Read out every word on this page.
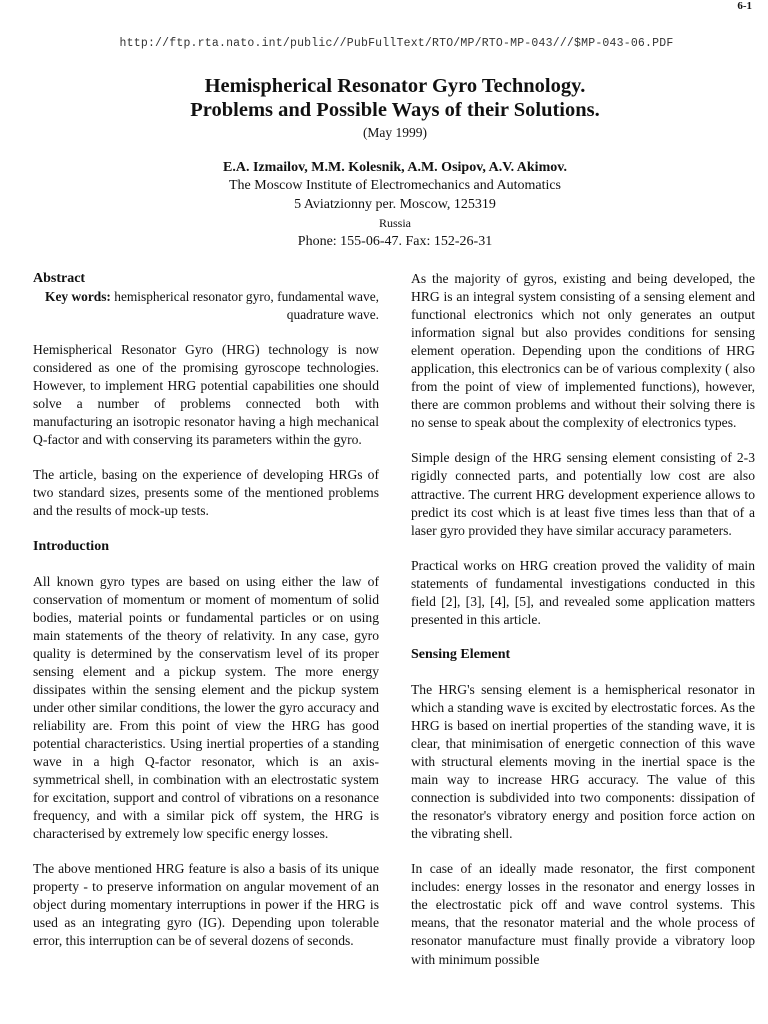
6-1
http://ftp.rta.nato.int/public//PubFullText/RTO/MP/RTO-MP-043///$MP-043-06.PDF
Hemispherical Resonator Gyro Technology.
Problems and Possible Ways of their Solutions.
(May 1999)
E.A. Izmailov, M.M. Kolesnik, A.M. Osipov, A.V. Akimov.
The Moscow Institute of Electromechanics and Automatics
5 Aviatzionny per. Moscow, 125319
Russia
Phone: 155-06-47. Fax: 152-26-31
Abstract

Key words: hemispherical resonator gyro, fundamental wave, quadrature wave.

Hemispherical Resonator Gyro (HRG) technology is now considered as one of the promising gyroscope technologies. However, to implement HRG potential capabilities one should solve a number of problems connected both with manufacturing an isotropic resonator having a high mechanical Q-factor and with conserving its parameters within the gyro.

The article, basing on the experience of developing HRGs of two standard sizes, presents some of the mentioned problems and the results of mock-up tests.

Introduction

All known gyro types are based on using either the law of conservation of momentum or moment of momentum of solid bodies, material points or fundamental particles or on using main statements of the theory of relativity. In any case, gyro quality is determined by the conservatism level of its proper sensing element and a pickup system. The more energy dissipates within the sensing element and the pickup system under other similar conditions, the lower the gyro accuracy and reliability are. From this point of view the HRG has good potential characteristics. Using inertial properties of a standing wave in a high Q-factor resonator, which is an axis-symmetrical shell, in combination with an electrostatic system for excitation, support and control of vibrations on a resonance frequency, and with a similar pick off system, the HRG is characterised by extremely low specific energy losses.

The above mentioned HRG feature is also a basis of its unique property - to preserve information on angular movement of an object during momentary interruptions in power if the HRG is used as an integrating gyro (IG). Depending upon tolerable error, this interruption can be of several dozens of seconds.

As the majority of gyros, existing and being developed, the HRG is an integral system consisting of a sensing element and functional electronics which not only generates an output information signal but also provides conditions for sensing element operation. Depending upon the conditions of HRG application, this electronics can be of various complexity ( also from the point of view of implemented functions), however, there are common problems and without their solving there is no sense to speak about the complexity of electronics types.

Simple design of the HRG sensing element consisting of 2-3 rigidly connected parts, and potentially low cost are also attractive. The current HRG development experience allows to predict its cost which is at least five times less than that of a laser gyro provided they have similar accuracy parameters.

Practical works on HRG creation proved the validity of main statements of fundamental investigations conducted in this field [2], [3], [4], [5], and revealed some application matters presented in this article.

Sensing Element

The HRG's sensing element is a hemispherical resonator in which a standing wave is excited by electrostatic forces. As the HRG is based on inertial properties of the standing wave, it is clear, that minimisation of energetic connection of this wave with structural elements moving in the inertial space is the main way to increase HRG accuracy. The value of this connection is subdivided into two components: dissipation of the resonator's vibratory energy and position force action on the vibrating shell.

In case of an ideally made resonator, the first component includes: energy losses in the resonator and energy losses in the electrostatic pick off and wave control systems. This means, that the resonator material and the whole process of resonator manufacture must finally provide a vibratory loop with minimum possible
